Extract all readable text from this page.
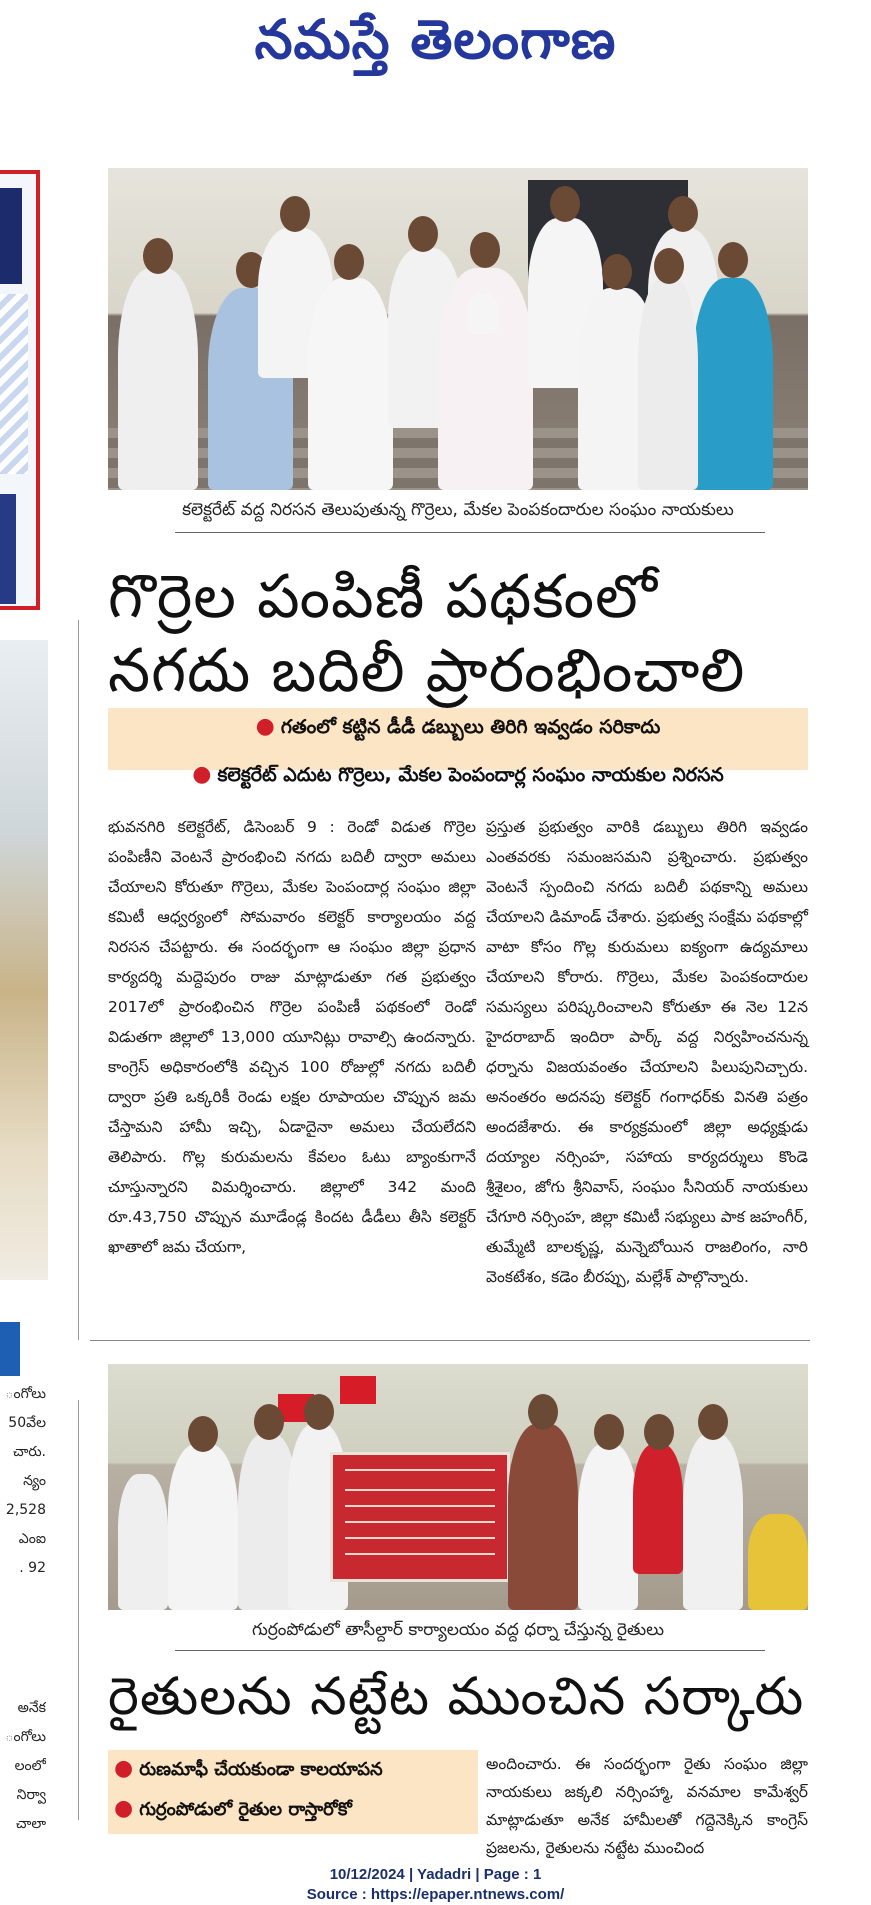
నమస్తే తెలంగాణ
ంగోలు
50వేల
చారు.
న్యం
2,528
ఎంఐ
. 92
అనేక
ంగోలు
లంలో
నిర్వా
చాలా
కలెక్టరేట్ వద్ద నిరసన తెలుపుతున్న గొర్రెలు, మేకల పెంపకందారుల సంఘం నాయకులు
గొర్రెల పంపిణీ పథకంలో
నగదు బదిలీ ప్రారంభించాలి
● గతంలో కట్టిన డీడీ డబ్బులు తిరిగి ఇవ్వడం సరికాదు
● కలెక్టరేట్ ఎదుట గొర్రెలు, మేకల పెంపందార్ల సంఘం నాయకుల నిరసన

భువనగిరి కలెక్టరేట్, డిసెంబర్ 9 : రెండో విడుత గొర్రెల పంపిణీని వెంటనే ప్రారంభించి నగదు బదిలీ ద్వారా అమలు చేయాలని కోరుతూ గొర్రెలు, మేకల పెంపందార్ల సంఘం జిల్లా కమిటీ ఆధ్వర్యంలో సోమవారం కలెక్టర్ కార్యాలయం వద్ద నిరసన చేపట్టారు. ఈ సందర్భంగా ఆ సంఘం జిల్లా ప్రధాన కార్యదర్శి మద్దెపురం రాజు మాట్లాడుతూ గత ప్రభుత్వం 2017లో ప్రారంభించిన గొర్రెల పంపిణీ పథకంలో రెండో విడుతగా జిల్లాలో 13,000 యూనిట్లు రావాల్సి ఉందన్నారు. కాంగ్రెస్ అధికారంలోకి వచ్చిన 100 రోజుల్లో నగదు బదిలీ ద్వారా ప్రతి ఒక్కరికీ రెండు లక్షల రూపాయల చొప్పున జమ చేస్తామని హామీ ఇచ్చి, ఏడాదైనా అమలు చేయలేదని తెలిపారు. గొల్ల కురుమలను కేవలం ఓటు బ్యాంకుగానే చూస్తున్నారని విమర్శించారు. జిల్లాలో 342 మంది రూ.43,750 చొప్పున మూడేండ్ల కిందట డీడీలు తీసి కలెక్టర్ ఖాతాలో జమ చేయగా,

ప్రస్తుత ప్రభుత్వం వారికి డబ్బులు తిరిగి ఇవ్వడం ఎంతవరకు సమంజసమని ప్రశ్నించారు. ప్రభుత్వం వెంటనే స్పందించి నగదు బదిలీ పథకాన్ని అమలు చేయాలని డిమాండ్ చేశారు. ప్రభుత్వ సంక్షేమ పథకాల్లో వాటా కోసం గొల్ల కురుమలు ఐక్యంగా ఉద్యమాలు చేయాలని కోరారు. గొర్రెలు, మేకల పెంపకందారుల సమస్యలు పరిష్కరించాలని కోరుతూ ఈ నెల 12న హైదరాబాద్ ఇందిరా పార్క్ వద్ద నిర్వహించనున్న ధర్నాను విజయవంతం చేయాలని పిలుపునిచ్చారు. అనంతరం అదనపు కలెక్టర్ గంగాధర్‌కు వినతి పత్రం అందజేశారు. ఈ కార్యక్రమంలో జిల్లా అధ్యక్షుడు దయ్యాల నర్సింహ, సహాయ కార్యదర్శులు కొండె శ్రీశైలం, జోగు శ్రీనివాస్, సంఘం సీనియర్ నాయకులు చేగూరి నర్సింహ, జిల్లా కమిటీ సభ్యులు పాక జహంగీర్, తుమ్మేటి బాలకృష్ణ, మన్నెబోయిన రాజలింగం, నారి వెంకటేశం, కడెం బీరప్పు, మల్లేశ్ పాల్గొన్నారు.

గుర్రంపోడులో తాసీల్దార్ కార్యాలయం వద్ద ధర్నా చేస్తున్న రైతులు
రైతులను నట్టేట ముంచిన సర్కారు
● రుణమాఫీ చేయకుండా కాలయాపన
● గుర్రంపోడులో రైతుల రాస్తారోకో
అందించారు. ఈ సందర్భంగా రైతు సంఘం జిల్లా నాయకులు జక్కలి నర్సింహ్మా, వనమాల కామేశ్వర్ మాట్లాడుతూ అనేక హామీలతో గద్దెనెక్కిన కాంగ్రెస్ ప్రజలను, రైతులను నట్టేట ముంచింద
10/12/2024 | Yadadri | Page : 1
Source : https://epaper.ntnews.com/
